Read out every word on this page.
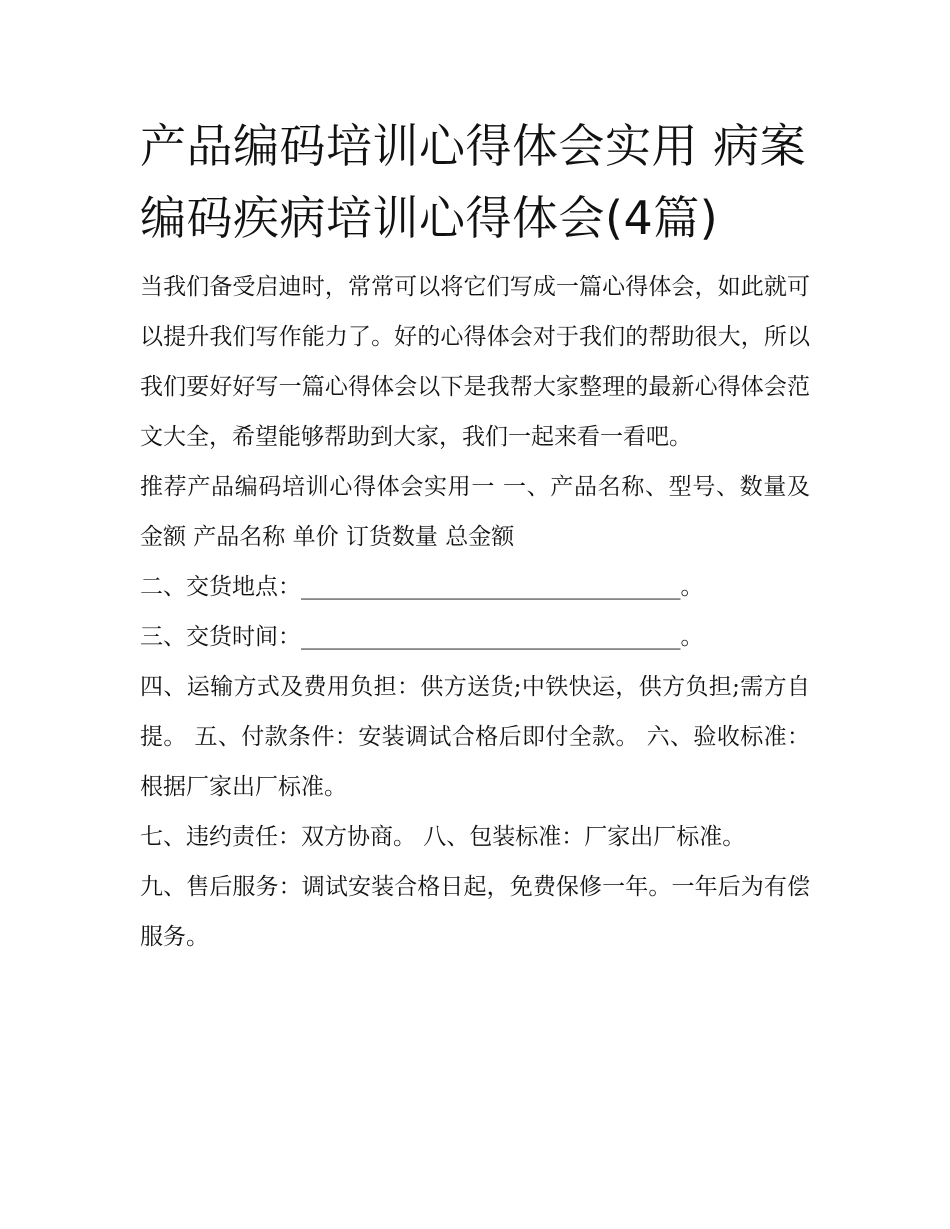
产品编码培训心得体会实用 病案编码疾病培训心得体会(4篇)

当我们备受启迪时，常常可以将它们写成一篇心得体会，如此就可以提升我们写作能力了。好的心得体会对于我们的帮助很大，所以我们要好好写一篇心得体会以下是我帮大家整理的最新心得体会范文大全，希望能够帮助到大家，我们一起来看一看吧。

推荐产品编码培训心得体会实用一 一、产品名称、型号、数量及金额 产品名称 单价 订货数量 总金额

二、交货地点：_________________________________。

三、交货时间：_________________________________。

四、运输方式及费用负担：供方送货;中铁快运，供方负担;需方自提。 五、付款条件：安装调试合格后即付全款。 六、验收标准：根据厂家出厂标准。

七、违约责任：双方协商。 八、包装标准：厂家出厂标准。

九、售后服务：调试安装合格日起，免费保修一年。一年后为有偿服务。
